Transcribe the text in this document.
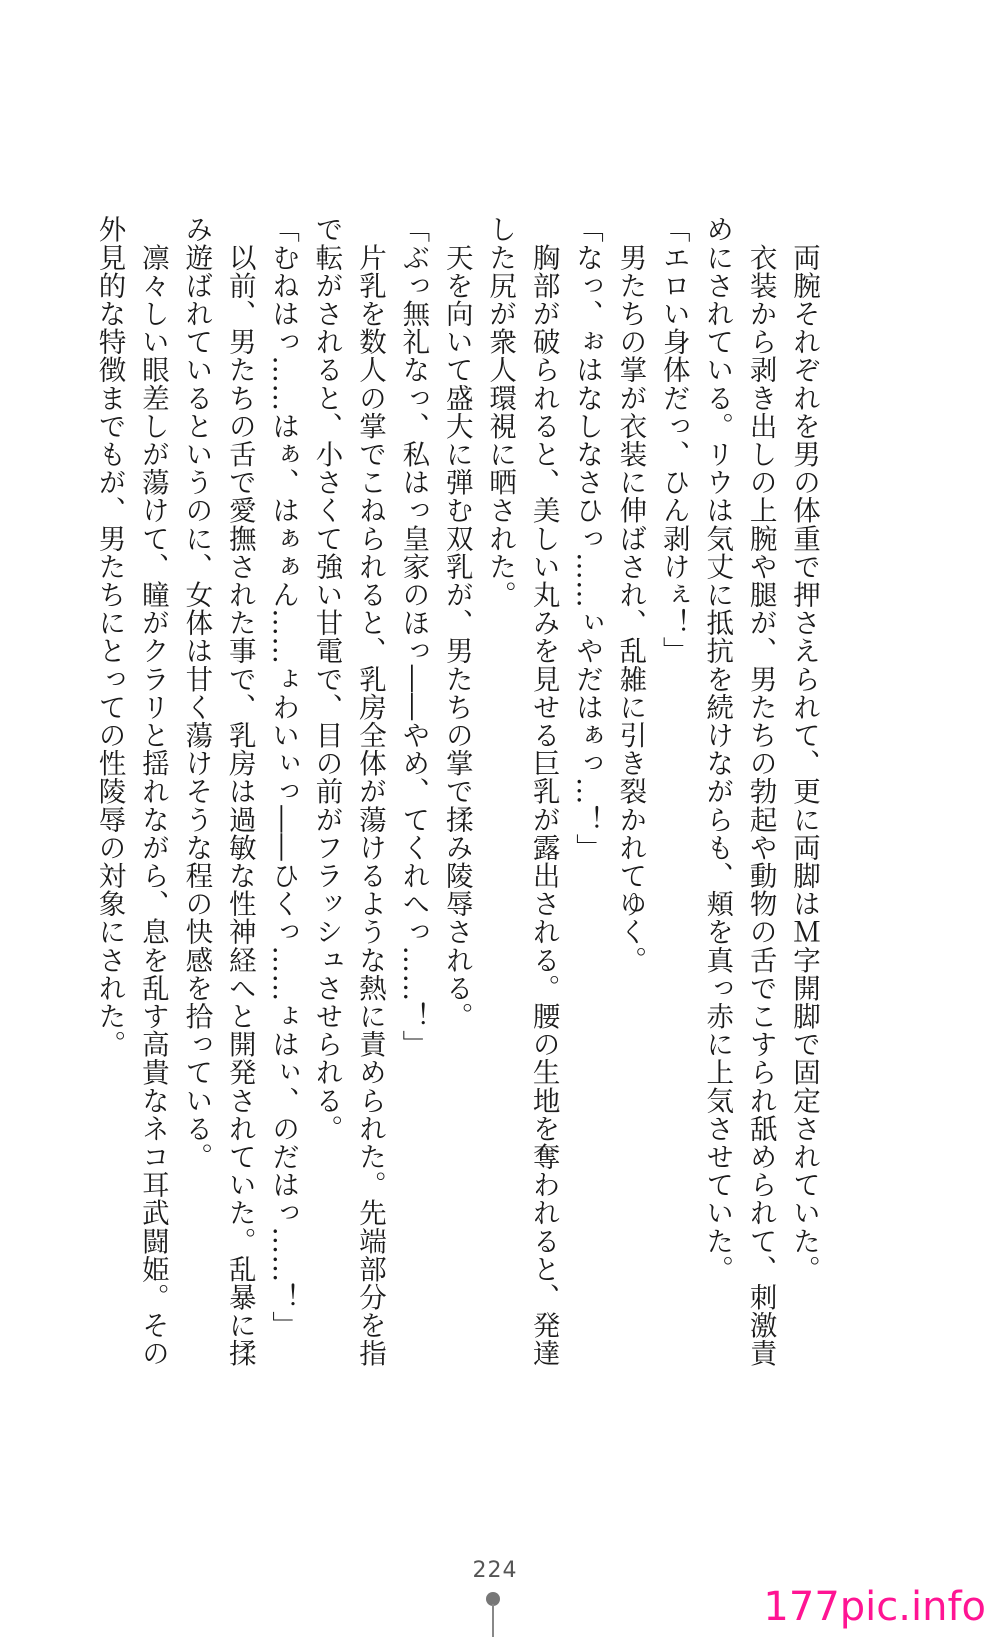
　両腕それぞれを男の体重で押さえられて、更に両脚はＭ字開脚で固定されていた。

　衣装から剥き出しの上腕や腿が、男たちの勃起や動物の舌でこすられ舐められて、刺激責めにされている。リウは気丈に抵抗を続けながらも、頬を真っ赤に上気させていた。

「エロい身体だっ、ひん剥けぇ！」

　男たちの掌が衣装に伸ばされ、乱雑に引き裂かれてゆく。

「なっ、ぉはなしなさひっ……ぃやだはぁっ…！」

　胸部が破られると、美しい丸みを見せる巨乳が露出される。腰の生地を奪われると、発達した尻が衆人環視に晒された。

　天を向いて盛大に弾む双乳が、男たちの掌で揉み陵辱される。

「ぶっ無礼なっ、私はっ皇家のほっ――やめ、てくれへっ……！」

　片乳を数人の掌でこねられると、乳房全体が蕩けるような熱に責められた。先端部分を指で転がされると、小さくて強い甘電で、目の前がフラッシュさせられる。

「むねはっ……はぁ、はぁぁん……ょわいぃっ――ひくっ……ょはぃ、のだはっ……！」

　以前、男たちの舌で愛撫された事で、乳房は過敏な性神経へと開発されていた。乱暴に揉み遊ばれているというのに、女体は甘く蕩けそうな程の快感を拾っている。

　凛々しい眼差しが蕩けて、瞳がクラリと揺れながら、息を乱す高貴なネコ耳武闘姫。その外見的な特徴までもが、男たちにとっての性陵辱の対象にされた。

224
177pic.info
